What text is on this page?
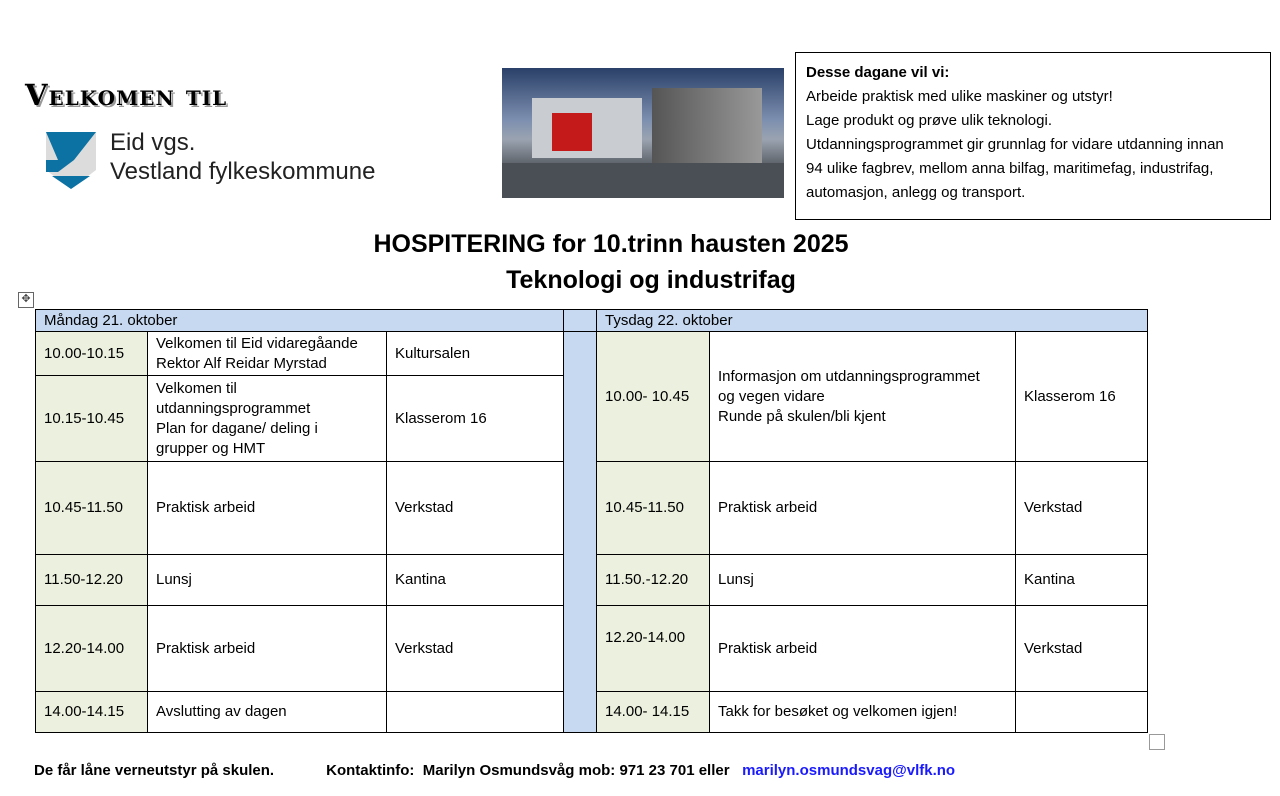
Velkomen til
Eid vgs.
Vestland fylkeskommune
Desse dagane vil vi:
Arbeide praktisk med ulike maskiner og utstyr!
Lage produkt og prøve ulik teknologi.
Utdanningsprogrammet gir grunnlag for vidare utdanning innan
94 ulike fagbrev, mellom anna bilfag, maritimefag, industrifag,
automasjon, anlegg og transport.
HOSPITERING for 10.trinn hausten 2025
Teknologi og industrifag
✥
Måndag 21. oktober				Tysdag 22. oktober		
10.00-10.15	Velkomen til Eid vidaregåande
Rektor Alf Reidar Myrstad	Kultursalen		10.00- 10.45	Informasjon om utdanningsprogrammet
og vegen vidare
Runde på skulen/bli kjent	Klasserom 16
10.15-10.45	Velkomen til
utdanningsprogrammet
Plan for dagane/ deling i
grupper og HMT	Klasserom 16				
10.45-11.50	Praktisk arbeid	Verkstad		10.45-11.50	Praktisk arbeid	Verkstad
11.50-12.20	Lunsj	Kantina		11.50.-12.20	Lunsj	Kantina
12.20-14.00	Praktisk arbeid	Verkstad		12.20-14.00	Praktisk arbeid	Verkstad
14.00-14.15	Avslutting av dagen			14.00- 14.15	Takk for besøket og velkomen igjen!	
De får låne verneutstyr på skulen.	Kontaktinfo:  Marilyn Osmundsvåg mob: 971 23 701 eller marilyn.osmundsvag@vlfk.no
